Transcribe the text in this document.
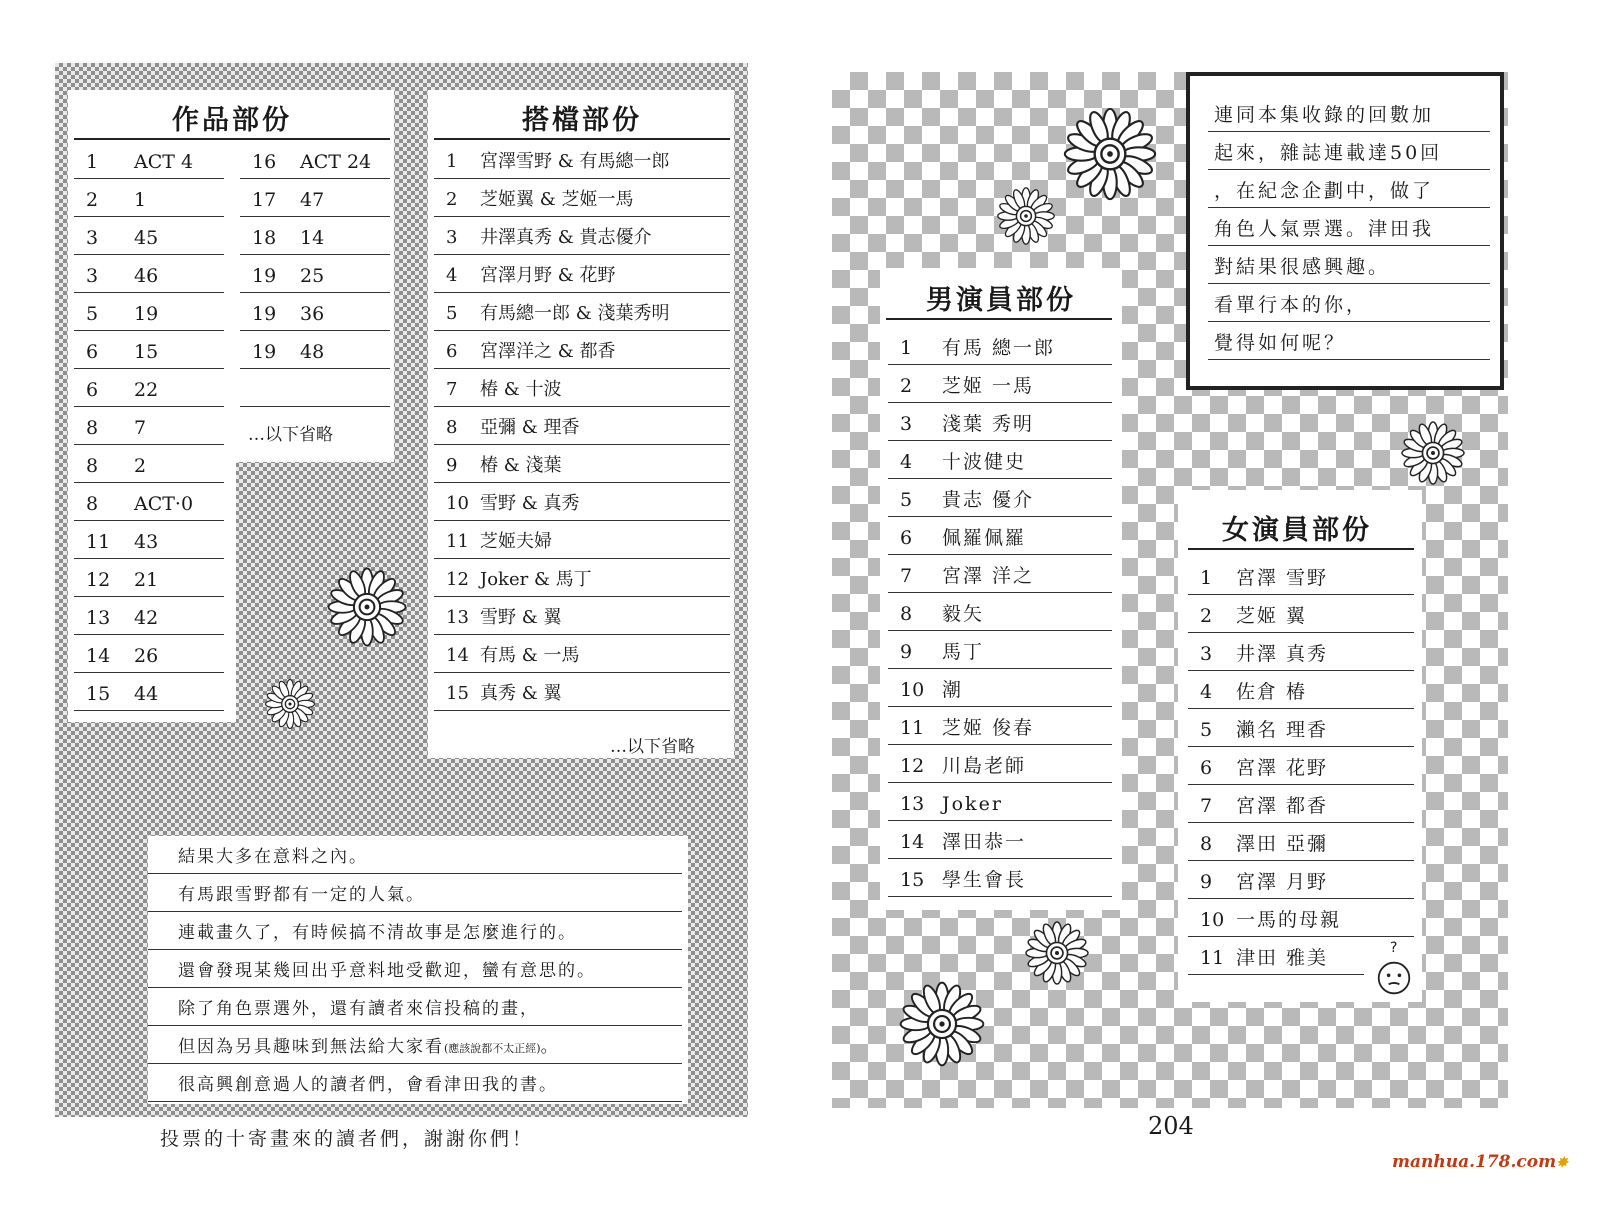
作品部份
1 ACT 4
2 1
3 45
3 46
5 19
6 15
6 22
8 7
8 2
8 ACT·0
11 43
12 21
13 42
14 26
15 44
16 ACT 24
17 47
18 14
19 25
19 36
19 48
…以下省略
搭檔部份
1 宮澤雪野 & 有馬總一郎
2 芝姬翼 & 芝姬一馬
3 井澤真秀 & 貴志優介
4 宮澤月野 & 花野
5 有馬總一郎 & 淺葉秀明
6 宮澤洋之 & 都香
7 椿 & 十波
8 亞彌 & 理香
9 椿 & 淺葉
10 雪野 & 真秀
11 芝姬夫婦
12 Joker & 馬丁
13 雪野 & 翼
14 有馬 & 一馬
15 真秀 & 翼
…以下省略
結果大多在意料之內。
有馬跟雪野都有一定的人氣。
連載畫久了，有時候搞不清故事是怎麼進行的。
還會發現某幾回出乎意料地受歡迎，蠻有意思的。
除了角色票選外，還有讀者來信投稿的畫，
但因為另具趣味到無法給大家看(應該說都不太正經)。
很高興創意過人的讀者們，會看津田我的書。
投票的十寄畫來的讀者們，謝謝你們！
連同本集收錄的回數加
起來，雜誌連載達50回
，在紀念企劃中，做了
角色人氣票選。津田我
對結果很感興趣。
看單行本的你，
覺得如何呢？
男演員部份
1 有馬 總一郎
2 芝姬 一馬
3 淺葉 秀明
4 十波健史
5 貴志 優介
6 佩羅佩羅
7 宮澤 洋之
8 毅矢
9 馬丁
10 潮
11 芝姬 俊春
12 川島老師
13 Joker
14 澤田恭一
15 學生會長
女演員部份
1 宮澤 雪野
2 芝姬 翼
3 井澤 真秀
4 佐倉 椿
5 瀨名 理香
6 宮澤 花野
7 宮澤 都香
8 澤田 亞彌
9 宮澤 月野
10 一馬的母親
11 津田 雅美	?
204
manhua.178.com✸
